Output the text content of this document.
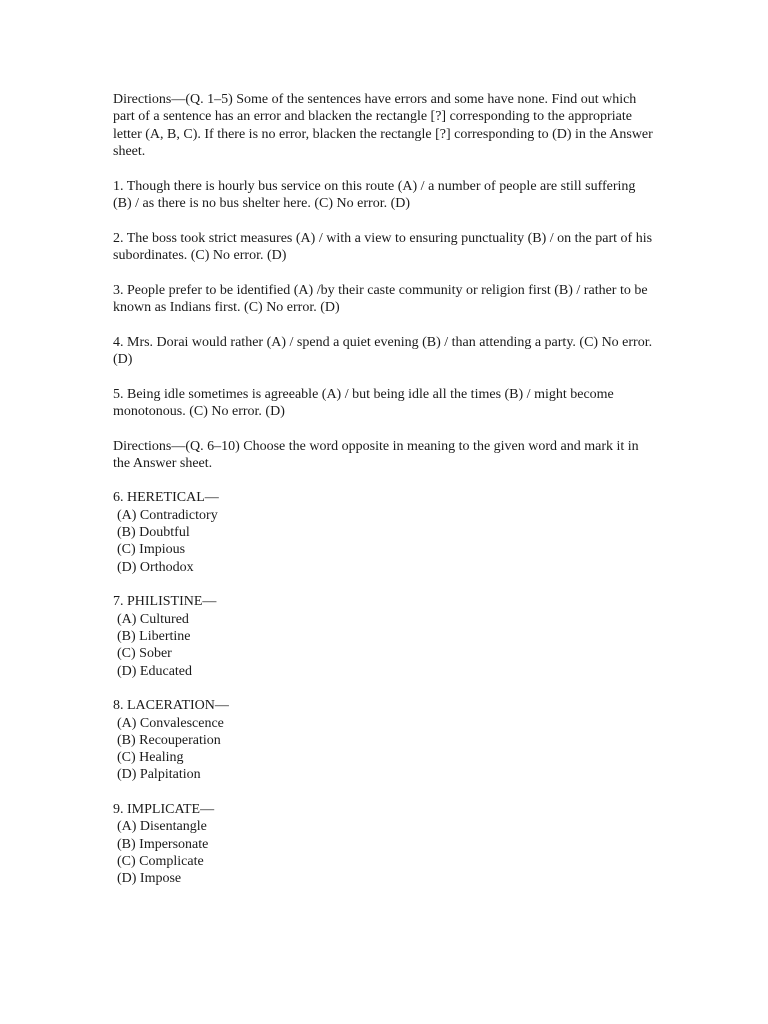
Directions—(Q. 1–5) Some of the sentences have errors and some have none. Find out which part of a sentence has an error and blacken the rectangle [?] corresponding to the appropriate letter (A, B, C). If there is no error, blacken the rectangle [?] corresponding to (D) in the Answer sheet.

1. Though there is hourly bus service on this route (A) / a number of people are still suffering (B) / as there is no bus shelter here. (C) No error. (D)

2. The boss took strict measures (A) / with a view to ensuring punctuality (B) / on the part of his subordinates. (C) No error. (D)

3. People prefer to be identified (A) /by their caste community or religion first (B) / rather to be known as Indians first. (C) No error. (D)

4. Mrs. Dorai would rather (A) / spend a quiet evening (B) / than attending a party. (C) No error. (D)

5. Being idle sometimes is agreeable (A) / but being idle all the times (B) / might become monotonous. (C) No error. (D)

Directions—(Q. 6–10) Choose the word opposite in meaning to the given word and mark it in the Answer sheet.

6. HERETICAL—

(A) Contradictory

(B) Doubtful

(C) Impious

(D) Orthodox

7. PHILISTINE—

(A) Cultured

(B) Libertine

(C) Sober

(D) Educated

8. LACERATION—

(A) Convalescence

(B) Recouperation

(C) Healing

(D) Palpitation

9. IMPLICATE—

(A) Disentangle

(B) Impersonate

(C) Complicate

(D) Impose
